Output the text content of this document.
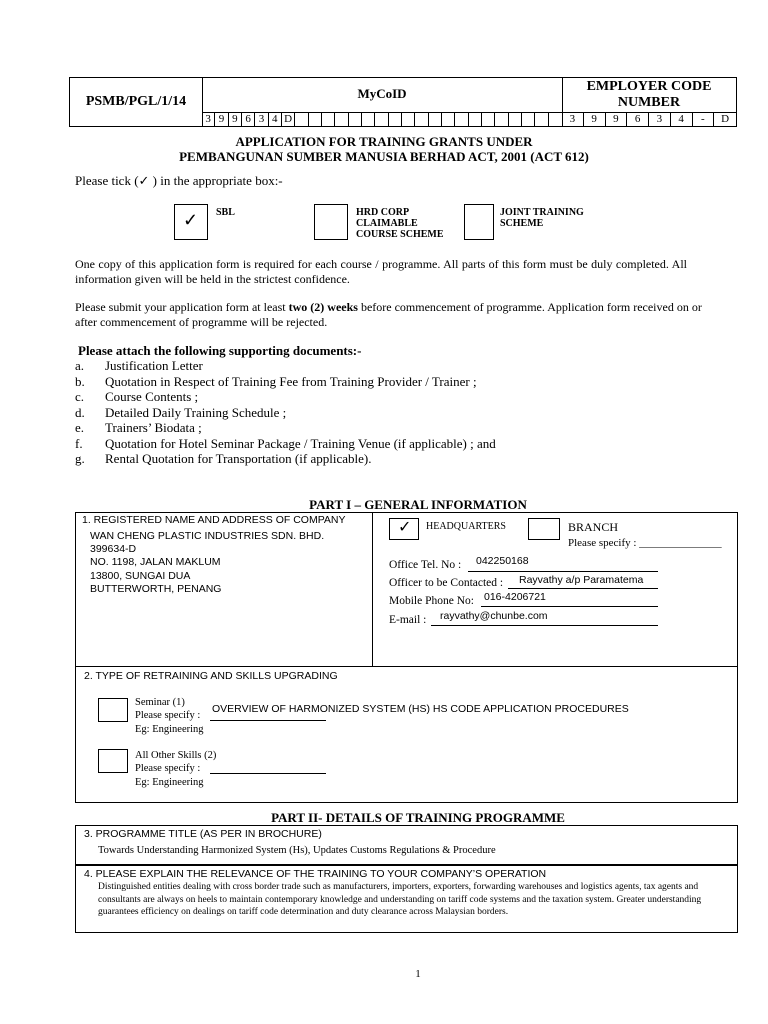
PSMB/PGL/1/14
MyCoID
3 9 9 6 3 4 D
EMPLOYER CODE
NUMBER
3	9	9	6	3	4	-	D
APPLICATION FOR TRAINING GRANTS UNDER
PEMBANGUNAN SUMBER MANUSIA BERHAD ACT, 2001 (ACT 612)
Please tick (✓ ) in the appropriate box:-
✓ SBL	HRD CORP
CLAIMABLE
COURSE SCHEME
JOINT TRAINING
SCHEME
One copy of this application form is required for each course / programme. All parts of this form must be duly completed. All information given will be held in the strictest confidence.
Please submit your application form at least two (2) weeks before commencement of programme. Application form received on or after commencement of programme will be rejected.
Please attach the following supporting documents:-
a.	Justification Letter
b.	Quotation in Respect of Training Fee from Training Provider / Trainer ;
c.	Course Contents ;
d.	Detailed Daily Training Schedule ;
e.	Trainers’ Biodata ;
f.	Quotation for Hotel Seminar Package / Training Venue (if applicable) ; and
g.	Rental Quotation for Transportation (if applicable).
PART I – GENERAL INFORMATION
1. REGISTERED NAME AND ADDRESS OF COMPANY
WAN CHENG PLASTIC INDUSTRIES SDN. BHD.
399634-D
NO. 1198, JALAN MAKLUM
13800, SUNGAI DUA
BUTTERWORTH, PENANG
✓ HEADQUARTERS	BRANCH
Please specify : _______________
Office Tel. No : 042250168
Officer to be Contacted : Rayvathy a/p Paramatema
Mobile Phone No: 016-4206721
E-mail : rayvathy@chunbe.com
2. TYPE OF RETRAINING AND SKILLS UPGRADING
Seminar (1)
Please specify :
OVERVIEW OF HARMONIZED SYSTEM (HS) HS CODE APPLICATION PROCEDURES
Eg: Engineering
All Other Skills (2)
Please specify :
Eg: Engineering
PART II- DETAILS OF TRAINING PROGRAMME
3. PROGRAMME TITLE (AS PER IN BROCHURE)
Towards Understanding Harmonized System (Hs), Updates Customs Regulations & Procedure
4. PLEASE EXPLAIN THE RELEVANCE OF THE TRAINING TO YOUR COMPANY’S OPERATION
Distinguished entities dealing with cross border trade such as manufacturers, importers, exporters, forwarding warehouses and logistics agents, tax agents and consultants are always on heels to maintain contemporary knowledge and understanding on tariff code systems and the taxation system. Greater understanding guarantees efficiency on dealings on tariff code determination and duty clearance across Malaysian borders.
1
